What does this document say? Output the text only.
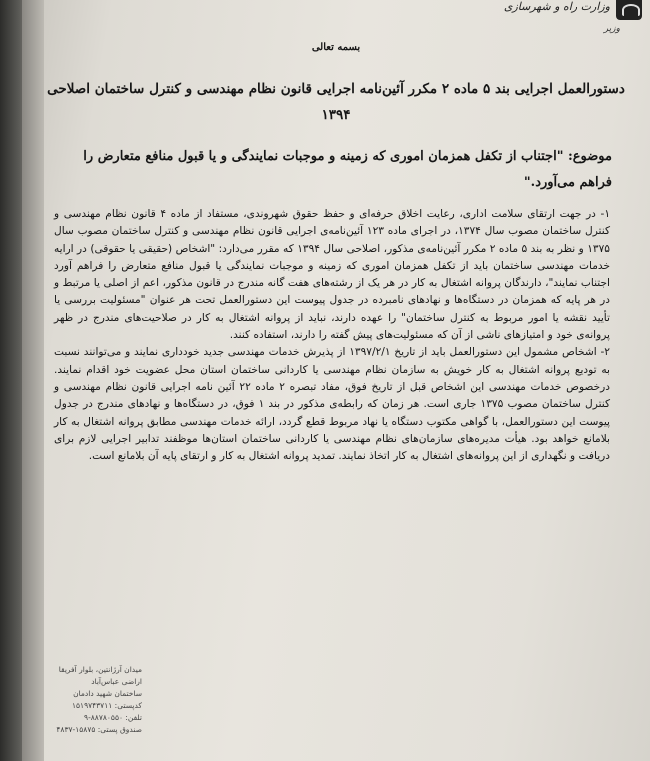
وزارت راه و شهرسازی
وزیر
بسمه تعالی
دستورالعمل اجرایی بند ۵ ماده ۲ مکرر آئین‌نامه اجرایی قانون نظام مهندسی و کنترل ساختمان اصلاحی ۱۳۹۴
موضوع: "اجتناب از تکفل همزمان اموری که زمینه و موجبات نمایندگی و یا قبول منافع متعارض را فراهم می‌آورد."

۱- در جهت ارتقای سلامت اداری، رعایت اخلاق حرفه‌ای و حفظ حقوق شهروندی، مستفاد از ماده ۴ قانون نظام مهندسی و کنترل ساختمان مصوب سال ۱۳۷۴، در اجرای ماده ۱۲۳ آئین‌نامه‌ی اجرایی قانون نظام مهندسی و کنترل ساختمان مصوب سال ۱۳۷۵ و نظر به بند ۵ ماده ۲ مکرر آئین‌نامه‌ی مذکور، اصلاحی سال ۱۳۹۴ که مقرر می‌دارد: "اشخاص (حقیقی یا حقوقی) در ارایه خدمات مهندسی ساختمان باید از تکفل همزمان اموری که زمینه و موجبات نمایندگی یا قبول منافع متعارض را فراهم آورد اجتناب نمایند"، دارندگان پروانه اشتغال به کار در هر یک از رشته‌های هفت گانه مندرج در قانون مذکور، اعم از اصلی یا مرتبط و در هر پایه که همزمان در دستگاه‌ها و نهادهای نامبرده در جدول پیوست این دستورالعمل تحت هر عنوان "مسئولیت بررسی یا تأیید نقشه یا امور مربوط به کنترل ساختمان" را عهده دارند، نباید از پروانه اشتغال به کار در صلاحیت‌های مندرج در ظهر پروانه‌ی خود و امتیازهای ناشی از آن که مسئولیت‌های پیش گفته را دارند، استفاده کنند.

۲- اشخاص مشمول این دستورالعمل باید از تاریخ ۱۳۹۷/۲/۱ از پذیرش خدمات مهندسی جدید خودداری نمایند و می‌توانند نسبت به تودیع پروانه اشتغال به کار خویش به سازمان نظام مهندسی یا کاردانی ساختمان استان محل عضویت خود اقدام نمایند. درخصوص خدمات مهندسی این اشخاص قبل از تاریخ فوق، مفاد تبصره ۲ ماده ۲۲ آئین نامه اجرایی قانون نظام مهندسی و کنترل ساختمان مصوب ۱۳۷۵ جاری است. هر زمان که رابطه‌ی مذکور در بند ۱ فوق، در دستگاه‌ها و نهادهای مندرج در جدول پیوست این دستورالعمل، با گواهی مکتوب دستگاه یا نهاد مربوط قطع گردد، ارائه خدمات مهندسی مطابق پروانه اشتغال به کار بلامانع خواهد بود. هیأت مدیره‌های سازمان‌های نظام مهندسی یا کاردانی ساختمان استان‌ها موظفند تدابیر اجرایی لازم برای دریافت و نگهداری از این پروانه‌های اشتغال به کار اتخاذ نمایند. تمدید پروانه اشتغال به کار و ارتقای پایه آن بلامانع است.

میدان آرژانتین، بلوار آفریقا
اراضی عباس‌آباد
ساختمان شهید دادمان
کدپستی: ۱۵۱۹۷۴۳۷۱۱
تلفن: ۸۸۷۸۰۵۵۰-۹
صندوق پستی: ۱۵۸۷۵-۴۸۳۷
